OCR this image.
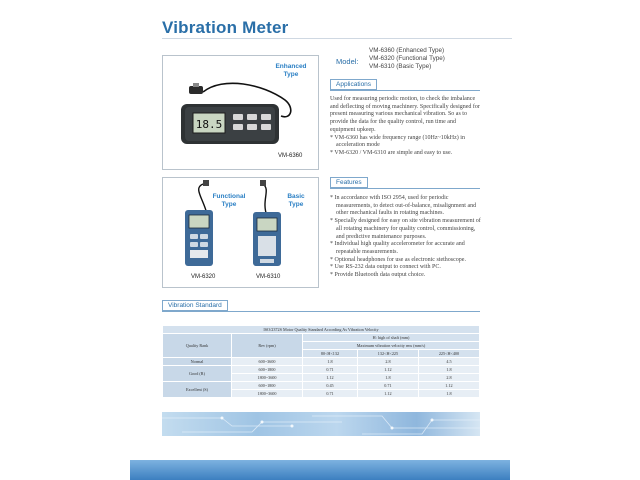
Vibration Meter
Enhanced
Type
18.5
VM-6360
Functional
Type
Basic
Type
VM-6320	VM-6310
Model:
VM-6360 (Enhanced Type)
VM-6320 (Functional Type)
VM-6310 (Basic Type)
Applications

Used for measuring periodic motion, to check the imbalance and deflecting of moving machinery. Specifically designed for present measuring various mechanical vibration. So as to provide the data for the quality control, run time and equipment upkeep.

* VM-6360 has wide frequency range (10Hz~10kHz) in acceleration mode
* VM-6320 / VM-6310 are simple and easy to use.
Features
* In accordance with ISO 2954, used for periodic measurements, to detect out-of-balance, misalignment and other mechanical faults in rotating machines.
* Specially designed for easy on site vibration measurement of all rotating machinery for quality control, commissioning, and predictive maintenance purposes.
* Individual high quality accelerometer for accurate and repeatable measurements.
* Optional headphones for use as electronic stethoscope.
* Use RS-232 data output to connect with PC.
* Provide Bluetooth data output choice.
Vibration Standard
ISO/2372S Motor Quality Standard According As Vibration Velocity				
Quality Rank	Rev (rpm)	H: high of shaft (mm)		
		Maximum vibration velocity rms (mm/s)		
		80<H<132	132<H<225	225<H<400
Normal	600~3600	1.8	2.8	4.5
Good (R)	600~1800	0.71	1.12	1.8
	1800~3600	1.12	1.8	2.8
Excellent (S)	600~1800	0.45	0.71	1.12
	1800~3600	0.71	1.12	1.8
